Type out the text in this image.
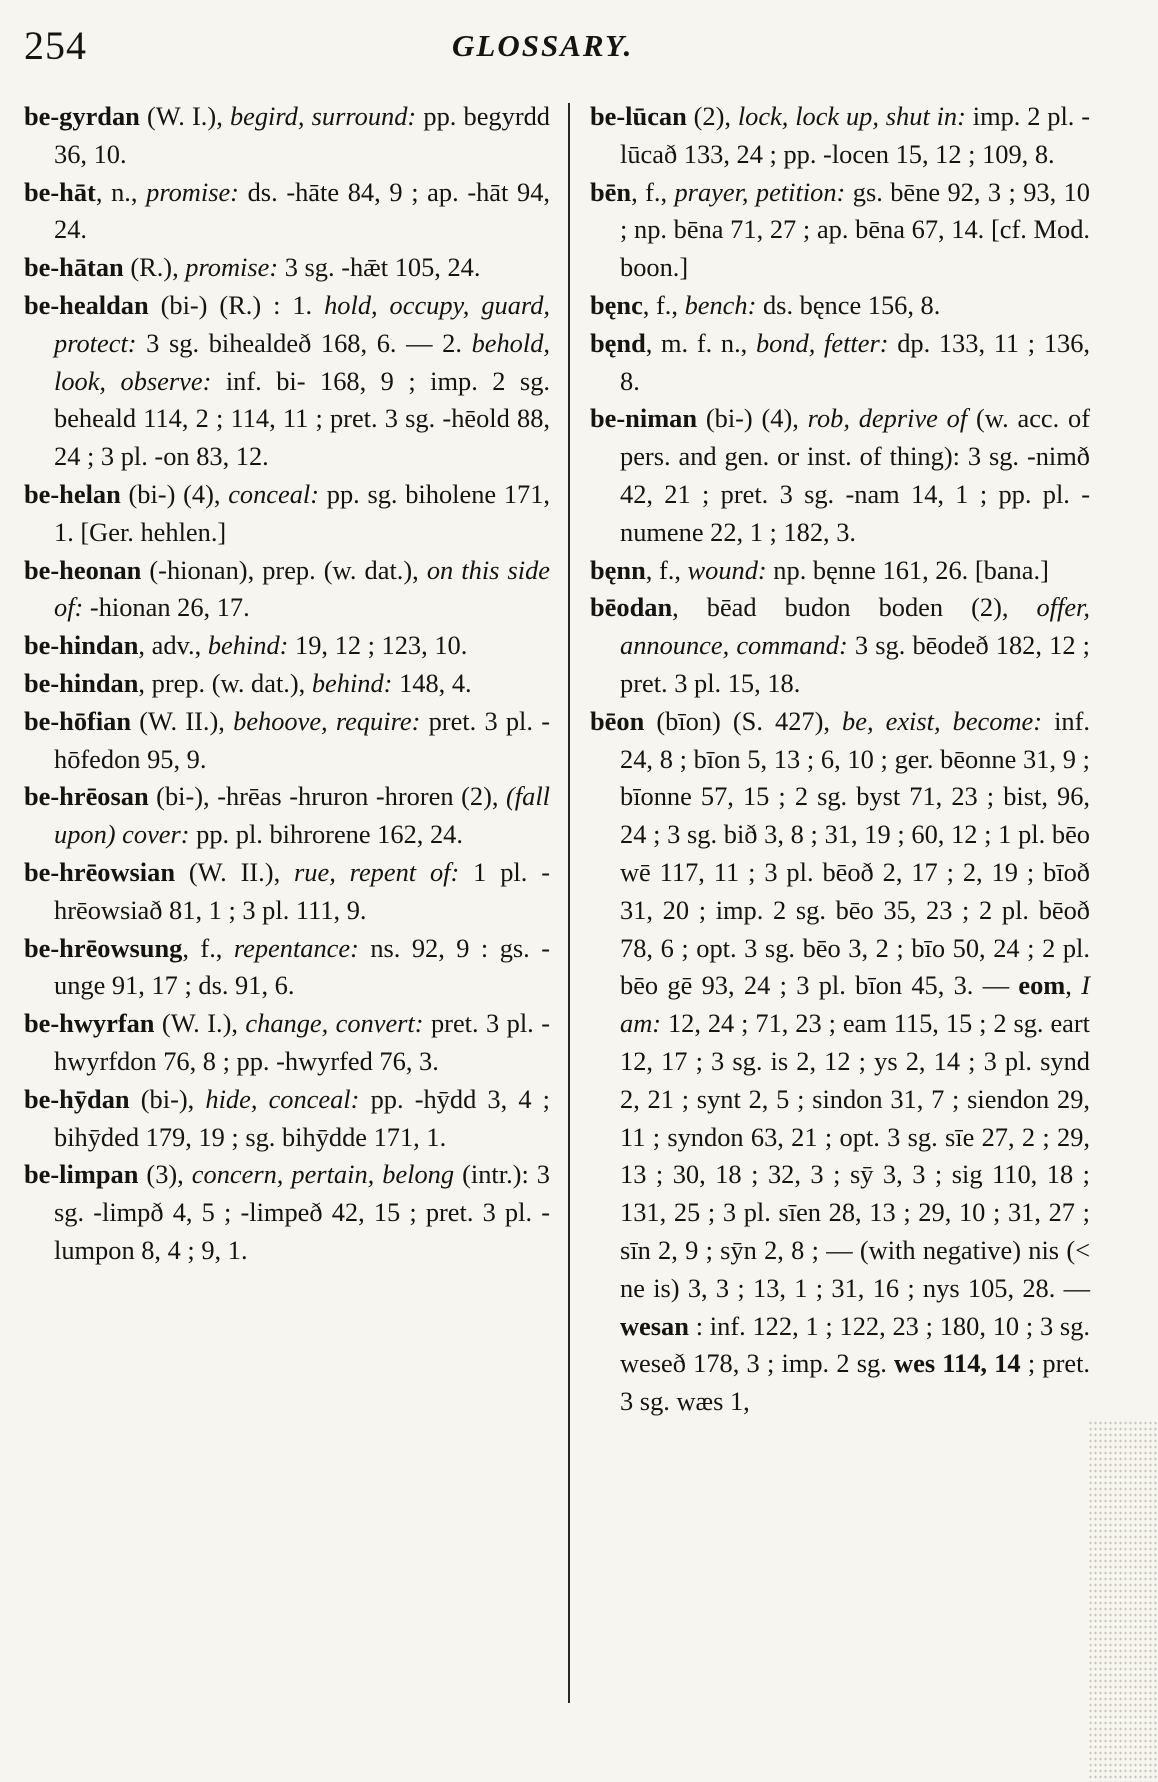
254	GLOSSARY.

be-gyrdan (W. I.), begird, surround: pp. begyrdd 36, 10.

be-hāt, n., promise: ds. -hāte 84, 9 ; ap. -hāt 94, 24.

be-hātan (R.), promise: 3 sg. -hǣt 105, 24.

be-healdan (bi-) (R.) : 1. hold, occupy, guard, protect: 3 sg. bihealdeð 168, 6. — 2. behold, look, observe: inf. bi- 168, 9 ; imp. 2 sg. beheald 114, 2 ; 114, 11 ; pret. 3 sg. -hēold 88, 24 ; 3 pl. -on 83, 12.

be-helan (bi-) (4), conceal: pp. sg. biholene 171, 1. [Ger. hehlen.]

be-heonan (-hionan), prep. (w. dat.), on this side of: -hionan 26, 17.

be-hindan, adv., behind: 19, 12 ; 123, 10.

be-hindan, prep. (w. dat.), behind: 148, 4.

be-hōfian (W. II.), behoove, require: pret. 3 pl. -hōfedon 95, 9.

be-hrēosan (bi-), -hrēas -hruron -hroren (2), (fall upon) cover: pp. pl. bihrorene 162, 24.

be-hrēowsian (W. II.), rue, repent of: 1 pl. -hrēowsiað 81, 1 ; 3 pl. 111, 9.

be-hrēowsung, f., repentance: ns. 92, 9 : gs. -unge 91, 17 ; ds. 91, 6.

be-hwyrfan (W. I.), change, convert: pret. 3 pl. -hwyrfdon 76, 8 ; pp. -hwyrfed 76, 3.

be-hȳdan (bi-), hide, conceal: pp. -hȳdd 3, 4 ; bihȳded 179, 19 ; sg. bihȳdde 171, 1.

be-limpan (3), concern, pertain, belong (intr.): 3 sg. -limpð 4, 5 ; -limpeð 42, 15 ; pret. 3 pl. -lumpon 8, 4 ; 9, 1.

be-lūcan (2), lock, lock up, shut in: imp. 2 pl. -lūcað 133, 24 ; pp. -locen 15, 12 ; 109, 8.

bēn, f., prayer, petition: gs. bēne 92, 3 ; 93, 10 ; np. bēna 71, 27 ; ap. bēna 67, 14. [cf. Mod. boon.]

bęnc, f., bench: ds. bęnce 156, 8.

bęnd, m. f. n., bond, fetter: dp. 133, 11 ; 136, 8.

be-niman (bi-) (4), rob, deprive of (w. acc. of pers. and gen. or inst. of thing): 3 sg. -nimð 42, 21 ; pret. 3 sg. -nam 14, 1 ; pp. pl. -numene 22, 1 ; 182, 3.

bęnn, f., wound: np. bęnne 161, 26. [bana.]

bēodan, bēad budon boden (2), offer, announce, command: 3 sg. bēodeð 182, 12 ; pret. 3 pl. 15, 18.

bēon (bīon) (S. 427), be, exist, become: inf. 24, 8 ; bīon 5, 13 ; 6, 10 ; ger. bēonne 31, 9 ; bīonne 57, 15 ; 2 sg. byst 71, 23 ; bist, 96, 24 ; 3 sg. bið 3, 8 ; 31, 19 ; 60, 12 ; 1 pl. bēo wē 117, 11 ; 3 pl. bēoð 2, 17 ; 2, 19 ; bīoð 31, 20 ; imp. 2 sg. bēo 35, 23 ; 2 pl. bēoð 78, 6 ; opt. 3 sg. bēo 3, 2 ; bīo 50, 24 ; 2 pl. bēo gē 93, 24 ; 3 pl. bīon 45, 3. — eom, I am: 12, 24 ; 71, 23 ; eam 115, 15 ; 2 sg. eart 12, 17 ; 3 sg. is 2, 12 ; ys 2, 14 ; 3 pl. synd 2, 21 ; synt 2, 5 ; sindon 31, 7 ; siendon 29, 11 ; syndon 63, 21 ; opt. 3 sg. sīe 27, 2 ; 29, 13 ; 30, 18 ; 32, 3 ; sȳ 3, 3 ; sig 110, 18 ; 131, 25 ; 3 pl. sīen 28, 13 ; 29, 10 ; 31, 27 ; sīn 2, 9 ; sȳn 2, 8 ; — (with negative) nis (< ne is) 3, 3 ; 13, 1 ; 31, 16 ; nys 105, 28. — wesan : inf. 122, 1 ; 122, 23 ; 180, 10 ; 3 sg. weseð 178, 3 ; imp. 2 sg. wes 114, 14 ; pret. 3 sg. wæs 1,
